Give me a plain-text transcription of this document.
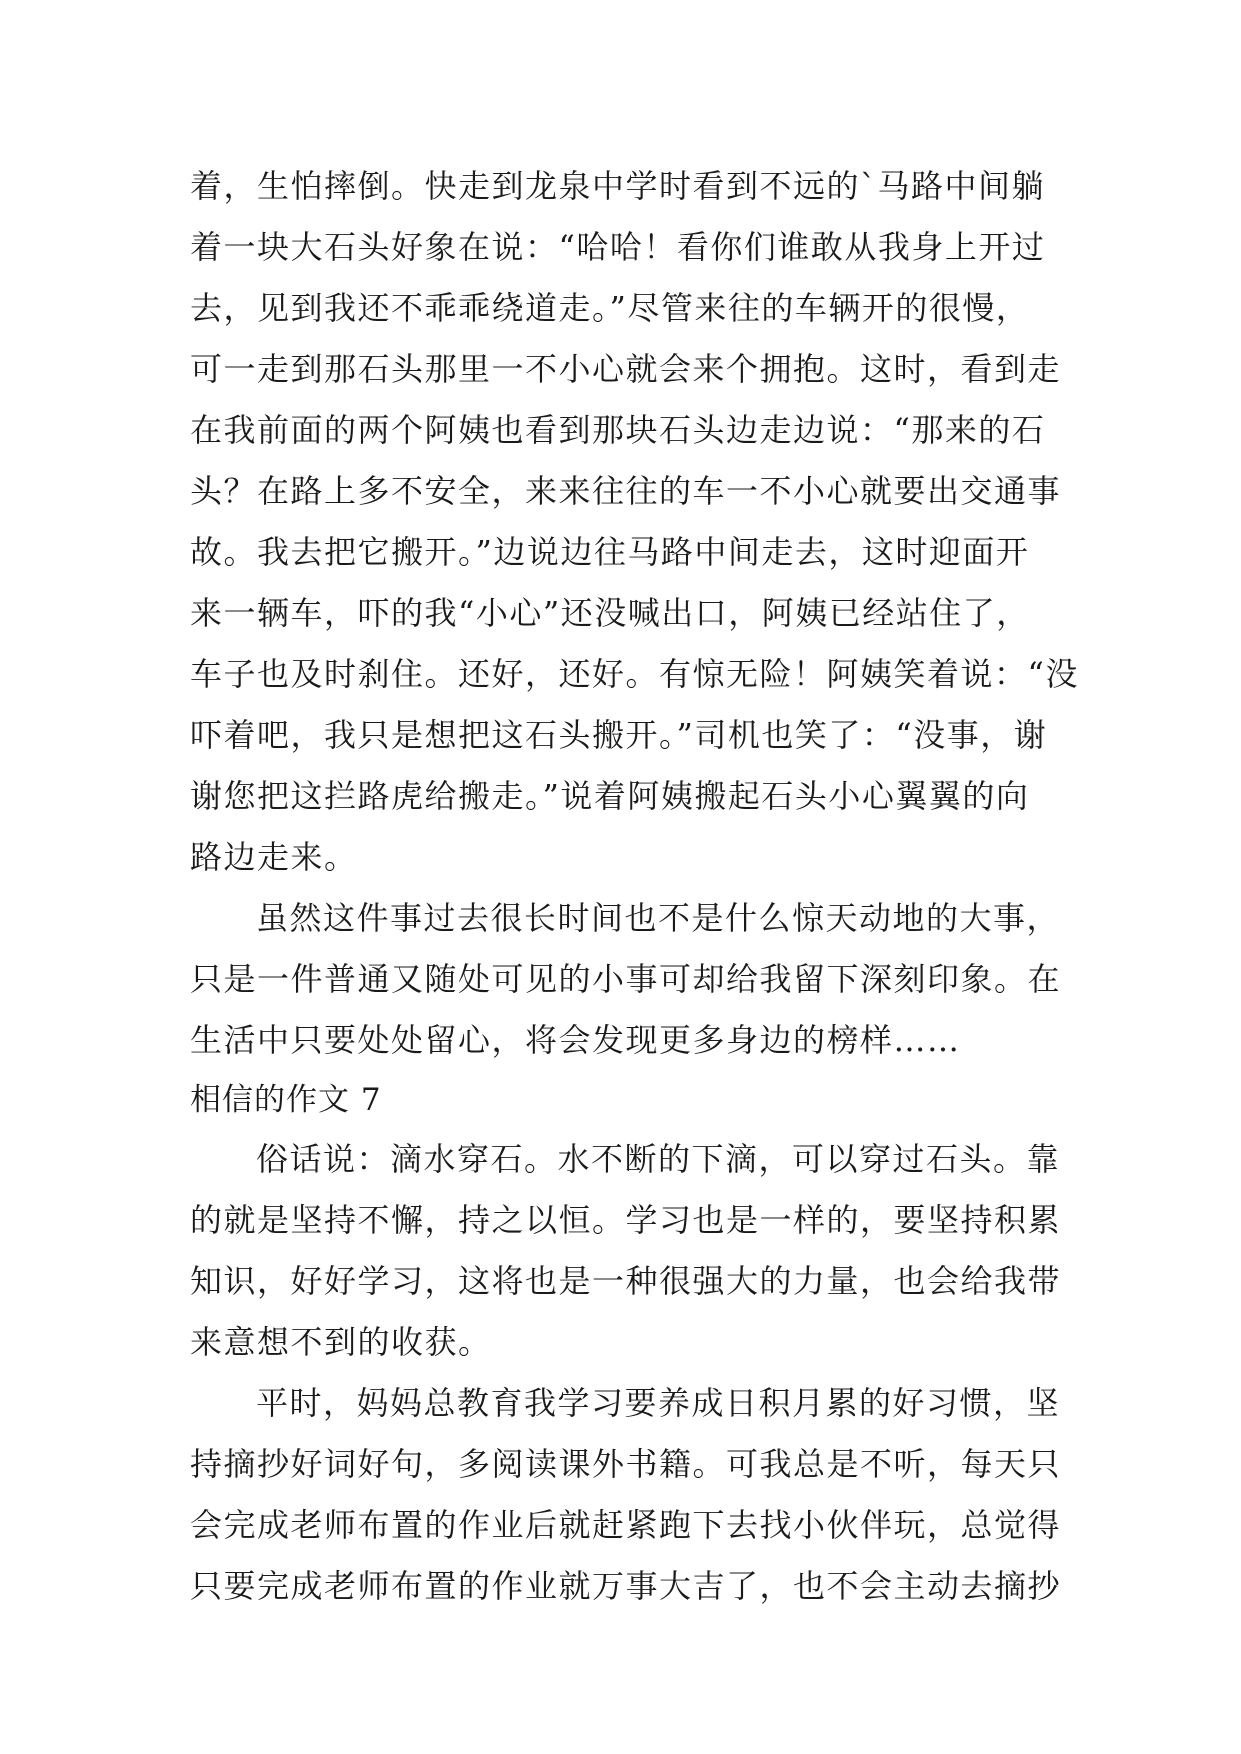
着，生怕摔倒。快走到龙泉中学时看到不远的`马路中间躺
着一块大石头好象在说：“哈哈！看你们谁敢从我身上开过
去，见到我还不乖乖绕道走。”尽管来往的车辆开的很慢，
可一走到那石头那里一不小心就会来个拥抱。这时，看到走
在我前面的两个阿姨也看到那块石头边走边说：“那来的石
头？在路上多不安全，来来往往的车一不小心就要出交通事
故。我去把它搬开。”边说边往马路中间走去，这时迎面开
来一辆车，吓的我“小心”还没喊出口，阿姨已经站住了，
车子也及时刹住。还好，还好。有惊无险！阿姨笑着说：“没
吓着吧，我只是想把这石头搬开。”司机也笑了：“没事，谢
谢您把这拦路虎给搬走。”说着阿姨搬起石头小心翼翼的向
路边走来。
虽然这件事过去很长时间也不是什么惊天动地的大事，
只是一件普通又随处可见的小事可却给我留下深刻印象。在
生活中只要处处留心，将会发现更多身边的榜样……
相信的作文 7
俗话说：滴水穿石。水不断的下滴，可以穿过石头。靠
的就是坚持不懈，持之以恒。学习也是一样的，要坚持积累
知识，好好学习，这将也是一种很强大的力量，也会给我带
来意想不到的收获。
平时，妈妈总教育我学习要养成日积月累的好习惯，坚
持摘抄好词好句，多阅读课外书籍。可我总是不听，每天只
会完成老师布置的作业后就赶紧跑下去找小伙伴玩，总觉得
只要完成老师布置的作业就万事大吉了，也不会主动去摘抄
